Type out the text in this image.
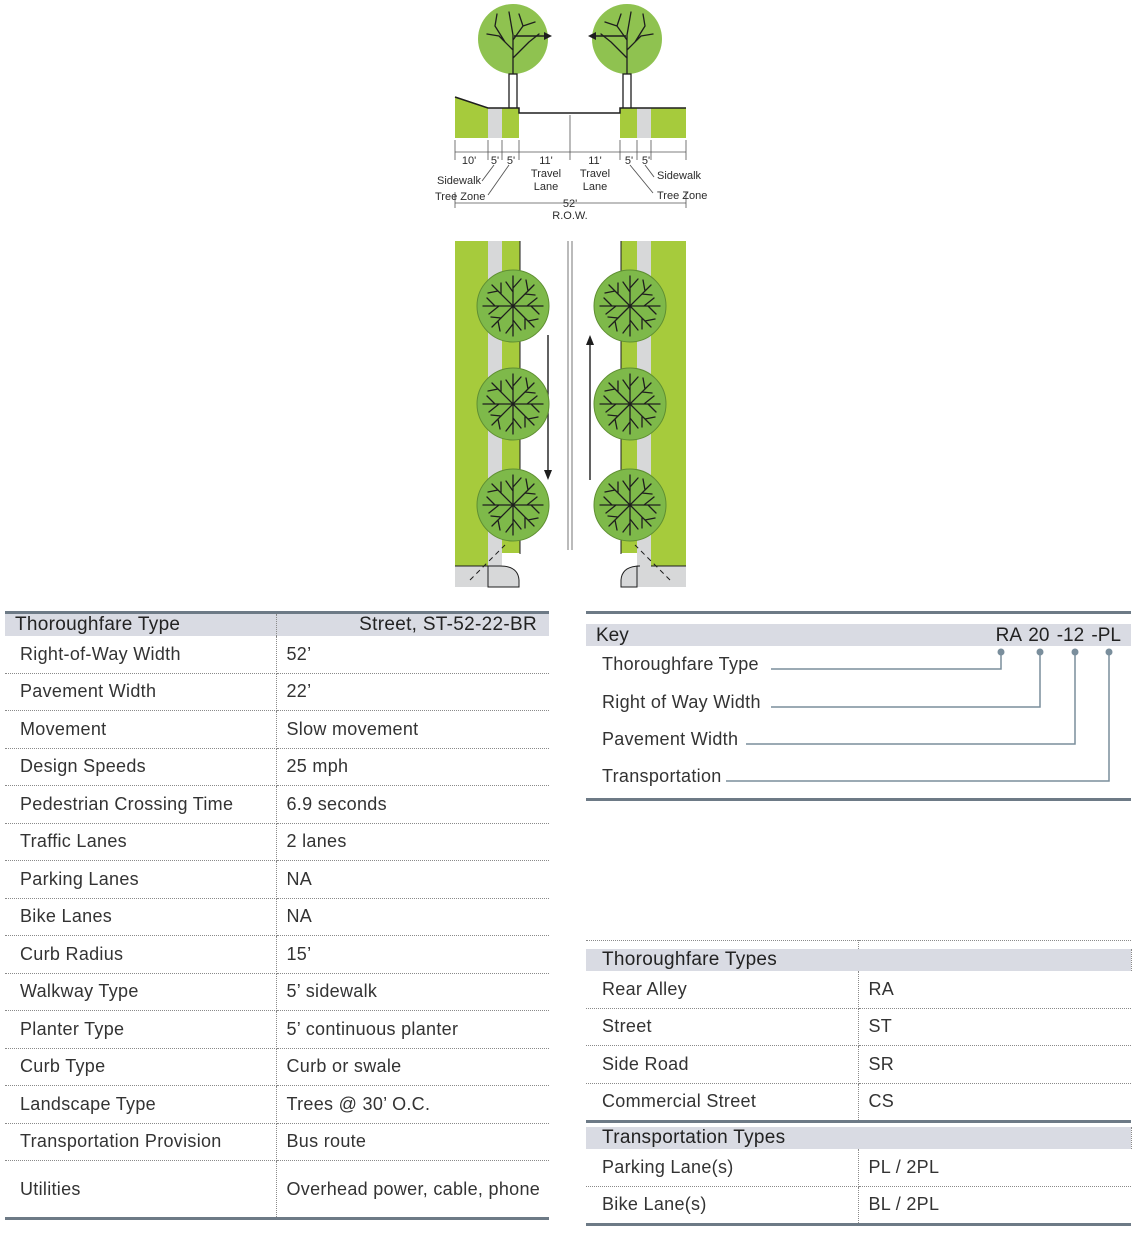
10' 5' 5' 11'	11' 5' 5'
Travel
Lane
Travel
Lane
Sidewalk
Tree Zone
Sidewalk
Tree Zone
52'
R.O.W.
Thoroughfare Type	Street, ST-52-22-BR
Right-of-Way Width	52’
Pavement Width	22’
Movement	Slow movement
Design Speeds	25 mph
Pedestrian Crossing Time	6.9 seconds
Traffic Lanes	2 lanes
Parking Lanes	NA
Bike Lanes	NA
Curb Radius	15’
Walkway Type	5’ sidewalk
Planter Type	5’ continuous planter
Curb Type	Curb or swale
Landscape Type	Trees @ 30’ O.C.
Transportation Provision	Bus route
Utilities	Overhead power, cable, phone
Key	RA 20 -12 -PL
Thoroughfare Type
Right of Way Width
Pavement Width
Transportation

Thoroughfare Types	
Rear Alley	RA
Street	ST
Side Road	SR
Commercial Street	CS

Transportation Types	
Parking Lane(s)	PL / 2PL
Bike Lane(s)	BL / 2PL
